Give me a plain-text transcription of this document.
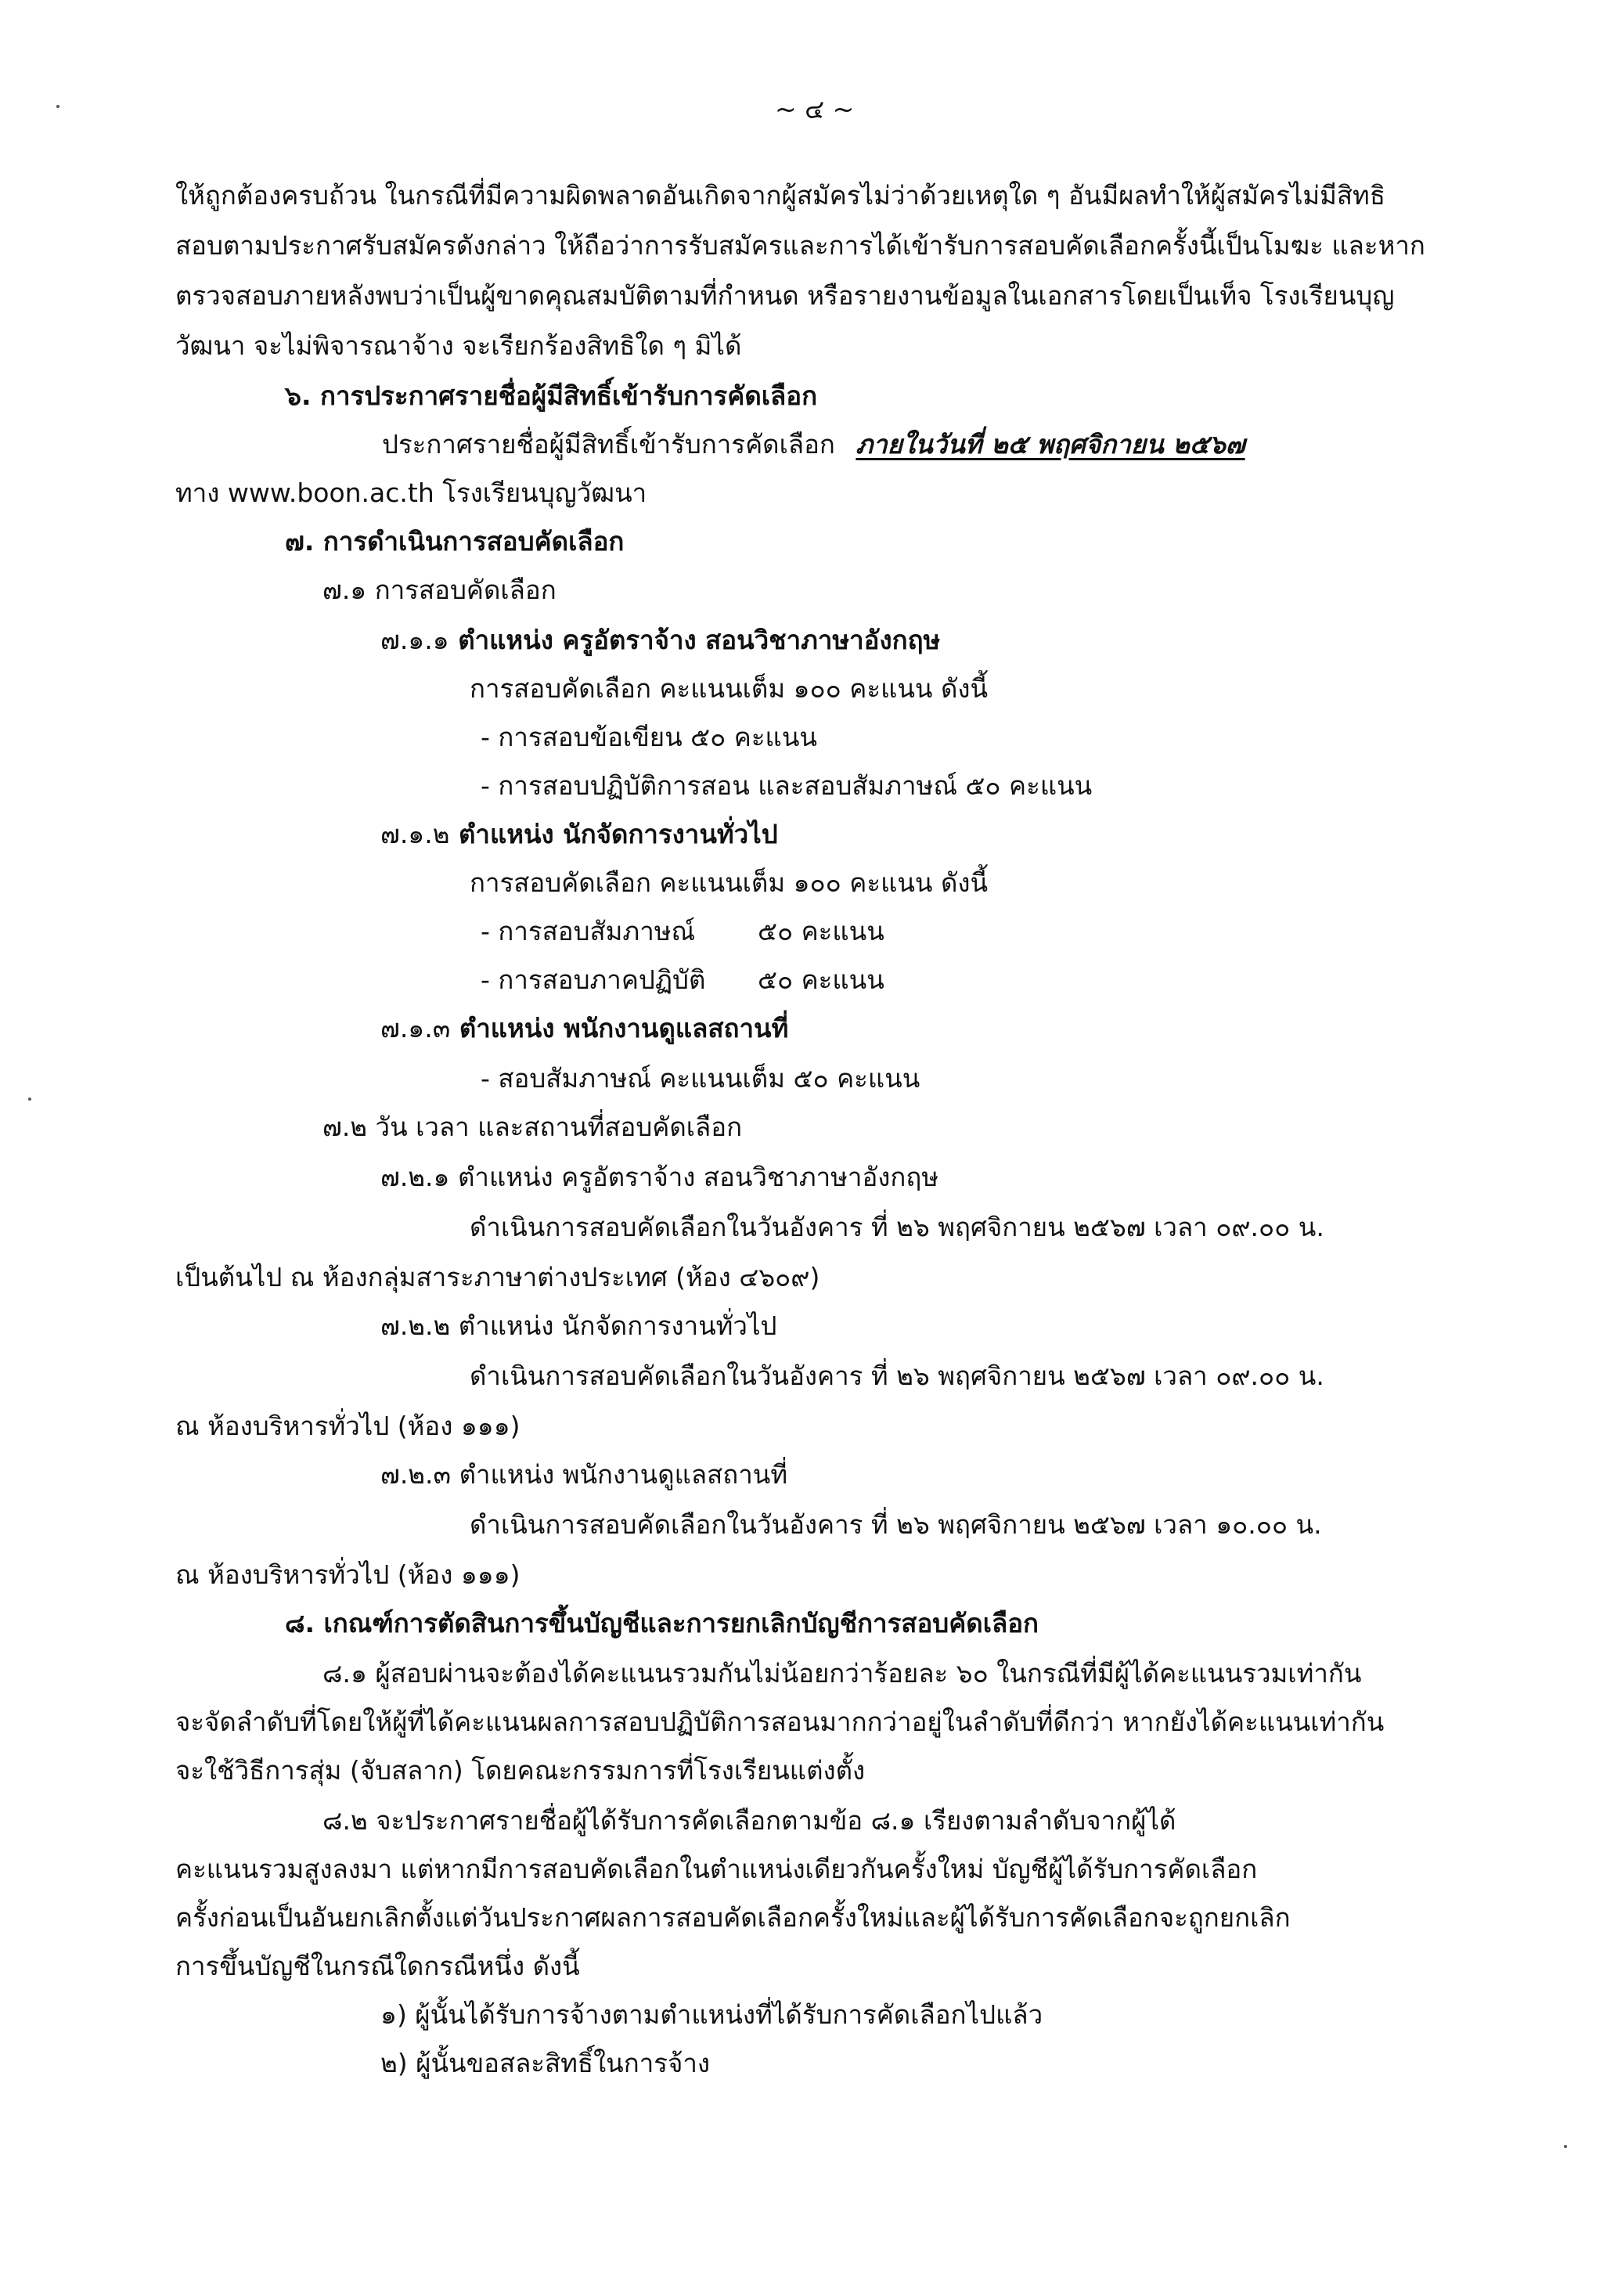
~ ๔ ~

ให้ถูกต้องครบถ้วน ในกรณีที่มีความผิดพลาดอันเกิดจากผู้สมัครไม่ว่าด้วยเหตุใด ๆ อันมีผลทำให้ผู้สมัครไม่มีสิทธิ

สอบตามประกาศรับสมัครดังกล่าว ให้ถือว่าการรับสมัครและการได้เข้ารับการสอบคัดเลือกครั้งนี้เป็นโมฆะ และหาก

ตรวจสอบภายหลังพบว่าเป็นผู้ขาดคุณสมบัติตามที่กำหนด หรือรายงานข้อมูลในเอกสารโดยเป็นเท็จ โรงเรียนบุญ

วัฒนา จะไม่พิจารณาจ้าง จะเรียกร้องสิทธิใด ๆ มิได้

๖. การประกาศรายชื่อผู้มีสิทธิ์เข้ารับการคัดเลือก

ประกาศรายชื่อผู้มีสิทธิ์เข้ารับการคัดเลือก ภายในวันที่ ๒๕ พฤศจิกายน ๒๕๖๗

ทาง www.boon.ac.th โรงเรียนบุญวัฒนา

๗. การดำเนินการสอบคัดเลือก

๗.๑ การสอบคัดเลือก

๗.๑.๑ ตำแหน่ง ครูอัตราจ้าง สอนวิชาภาษาอังกฤษ

การสอบคัดเลือก คะแนนเต็ม ๑๐๐ คะแนน ดังนี้

- การสอบข้อเขียน ๕๐ คะแนน

- การสอบปฏิบัติการสอน และสอบสัมภาษณ์ ๕๐ คะแนน

๗.๑.๒ ตำแหน่ง นักจัดการงานทั่วไป

การสอบคัดเลือก คะแนนเต็ม ๑๐๐ คะแนน ดังนี้

- การสอบสัมภาษณ์ ๕๐ คะแนน

- การสอบภาคปฏิบัติ ๕๐ คะแนน

๗.๑.๓ ตำแหน่ง พนักงานดูแลสถานที่

- สอบสัมภาษณ์ คะแนนเต็ม ๕๐ คะแนน

๗.๒ วัน เวลา และสถานที่สอบคัดเลือก

๗.๒.๑ ตำแหน่ง ครูอัตราจ้าง สอนวิชาภาษาอังกฤษ

ดำเนินการสอบคัดเลือกในวันอังคาร ที่ ๒๖ พฤศจิกายน ๒๕๖๗ เวลา ๐๙.๐๐ น.

เป็นต้นไป ณ ห้องกลุ่มสาระภาษาต่างประเทศ (ห้อง ๔๖๐๙)

๗.๒.๒ ตำแหน่ง นักจัดการงานทั่วไป

ดำเนินการสอบคัดเลือกในวันอังคาร ที่ ๒๖ พฤศจิกายน ๒๕๖๗ เวลา ๐๙.๐๐ น.

ณ ห้องบริหารทั่วไป (ห้อง ๑๑๑)

๗.๒.๓ ตำแหน่ง พนักงานดูแลสถานที่

ดำเนินการสอบคัดเลือกในวันอังคาร ที่ ๒๖ พฤศจิกายน ๒๕๖๗ เวลา ๑๐.๐๐ น.

ณ ห้องบริหารทั่วไป (ห้อง ๑๑๑)

๘. เกณฑ์การตัดสินการขึ้นบัญชีและการยกเลิกบัญชีการสอบคัดเลือก

๘.๑ ผู้สอบผ่านจะต้องได้คะแนนรวมกันไม่น้อยกว่าร้อยละ ๖๐ ในกรณีที่มีผู้ได้คะแนนรวมเท่ากัน

จะจัดลำดับที่โดยให้ผู้ที่ได้คะแนนผลการสอบปฏิบัติการสอนมากกว่าอยู่ในลำดับที่ดีกว่า หากยังได้คะแนนเท่ากัน

จะใช้วิธีการสุ่ม (จับสลาก) โดยคณะกรรมการที่โรงเรียนแต่งตั้ง

๘.๒ จะประกาศรายชื่อผู้ได้รับการคัดเลือกตามข้อ ๘.๑ เรียงตามลำดับจากผู้ได้

คะแนนรวมสูงลงมา แต่หากมีการสอบคัดเลือกในตำแหน่งเดียวกันครั้งใหม่ บัญชีผู้ได้รับการคัดเลือก

ครั้งก่อนเป็นอันยกเลิกตั้งแต่วันประกาศผลการสอบคัดเลือกครั้งใหม่และผู้ได้รับการคัดเลือกจะถูกยกเลิก

การขึ้นบัญชีในกรณีใดกรณีหนึ่ง ดังนี้

๑) ผู้นั้นได้รับการจ้างตามตำแหน่งที่ได้รับการคัดเลือกไปแล้ว

๒) ผู้นั้นขอสละสิทธิ์ในการจ้าง
